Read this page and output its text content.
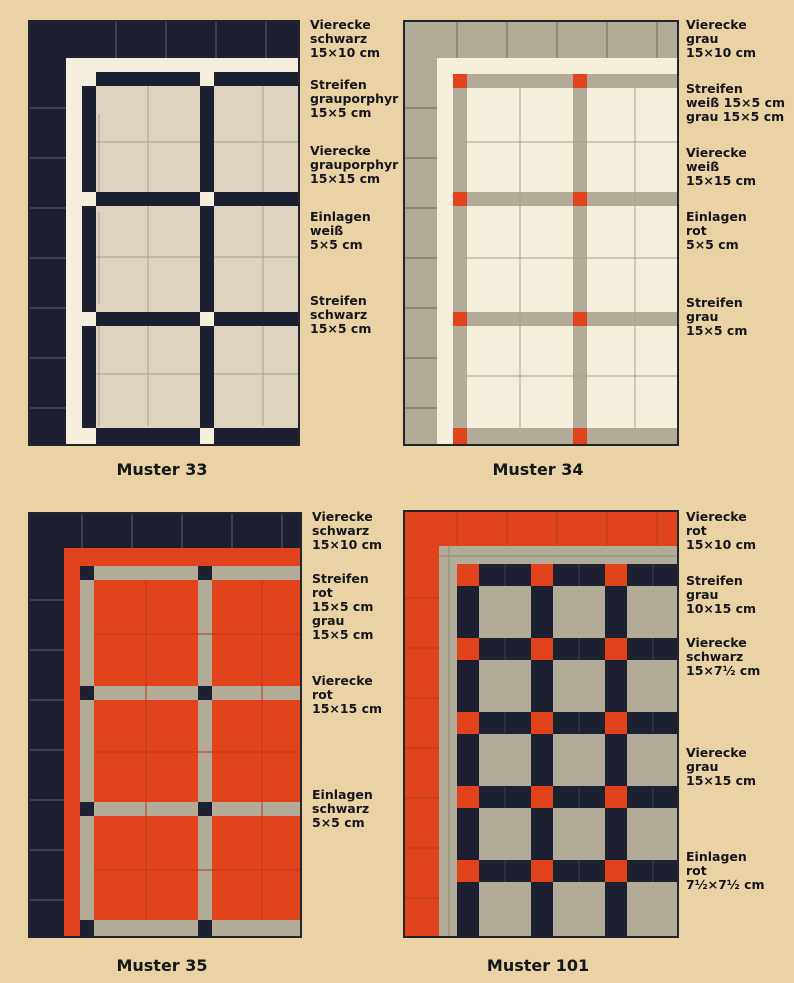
Vierecke
schwarz
15×10 cm
Streifen
grauporphyr
15×5 cm
Vierecke
grauporphyr
15×15 cm
Einlagen
weiß
5×5 cm
Streifen
schwarz
15×5 cm
Muster 33
Vierecke
grau
15×10 cm
Streifen
weiß 15×5 cm
grau 15×5 cm
Vierecke
weiß
15×15 cm
Einlagen
rot
5×5 cm
Streifen
grau
15×5 cm
Muster 34
Vierecke
schwarz
15×10 cm
Streifen
rot
15×5 cm
grau
15×5 cm
Vierecke
rot
15×15 cm
Einlagen
schwarz
5×5 cm
Muster 35
Vierecke
rot
15×10 cm
Streifen
grau
10×15 cm
Vierecke
schwarz
15×7½ cm
Vierecke
grau
15×15 cm
Einlagen
rot
7½×7½ cm
Muster 101
